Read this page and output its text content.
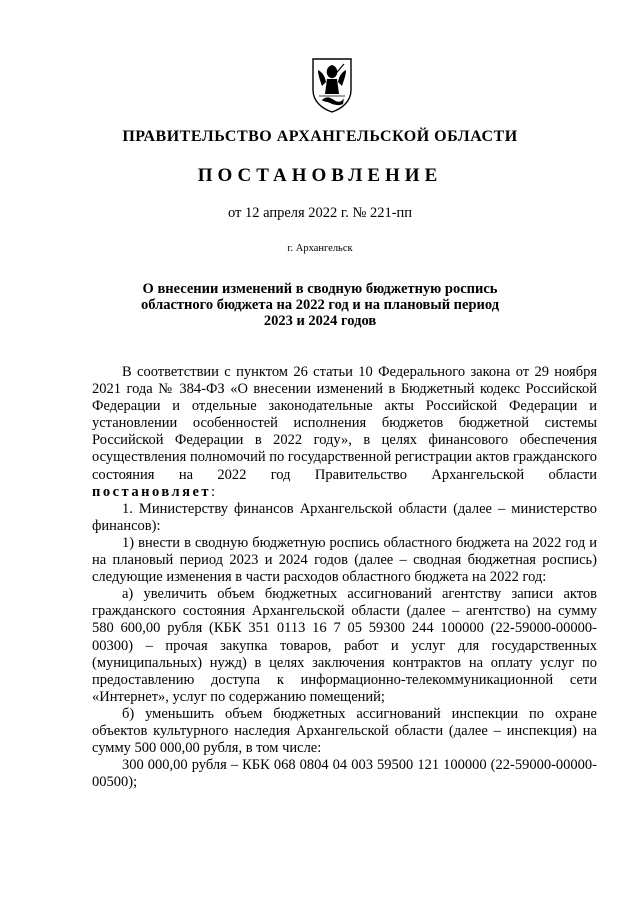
ПРАВИТЕЛЬСТВО АРХАНГЕЛЬСКОЙ ОБЛАСТИ
ПОСТАНОВЛЕНИЕ
от 12 апреля 2022 г. № 221-пп
г. Архангельск
О внесении изменений в сводную бюджетную роспись
областного бюджета на 2022 год и на плановый период
2023 и 2024 годов

В соответствии с пунктом 26 статьи 10 Федерального закона от 29 ноября 2021 года № 384-ФЗ «О внесении изменений в Бюджетный кодекс Российской Федерации и отдельные законодательные акты Российской Федерации и установлении особенностей исполнения бюджетов бюджетной системы Российской Федерации в 2022 году», в целях финансового обеспечения осуществления полномочий по государственной регистрации актов гражданского состояния на 2022 год Правительство Архангельской области постановляет:

1. Министерству финансов Архангельской области (далее – министерство финансов):

1) внести в сводную бюджетную роспись областного бюджета на 2022 год и на плановый период 2023 и 2024 годов (далее – сводная бюджетная роспись) следующие изменения в части расходов областного бюджета на 2022 год:

а) увеличить объем бюджетных ассигнований агентству записи актов гражданского состояния Архангельской области (далее – агентство) на сумму 580 600,00 рубля (КБК 351 0113 16 7 05 59300 244 100000 (22-59000-00000-00300) – прочая закупка товаров, работ и услуг для государственных (муниципальных) нужд) в целях заключения контрактов на оплату услуг по предоставлению доступа к информационно-телекоммуникационной сети «Интернет», услуг по содержанию помещений;

б) уменьшить объем бюджетных ассигнований инспекции по охране объектов культурного наследия Архангельской области (далее – инспекция) на сумму 500 000,00 рубля, в том числе:

300 000,00 рубля – КБК 068 0804 04 003 59500 121 100000 (22-59000-00000-00500);
